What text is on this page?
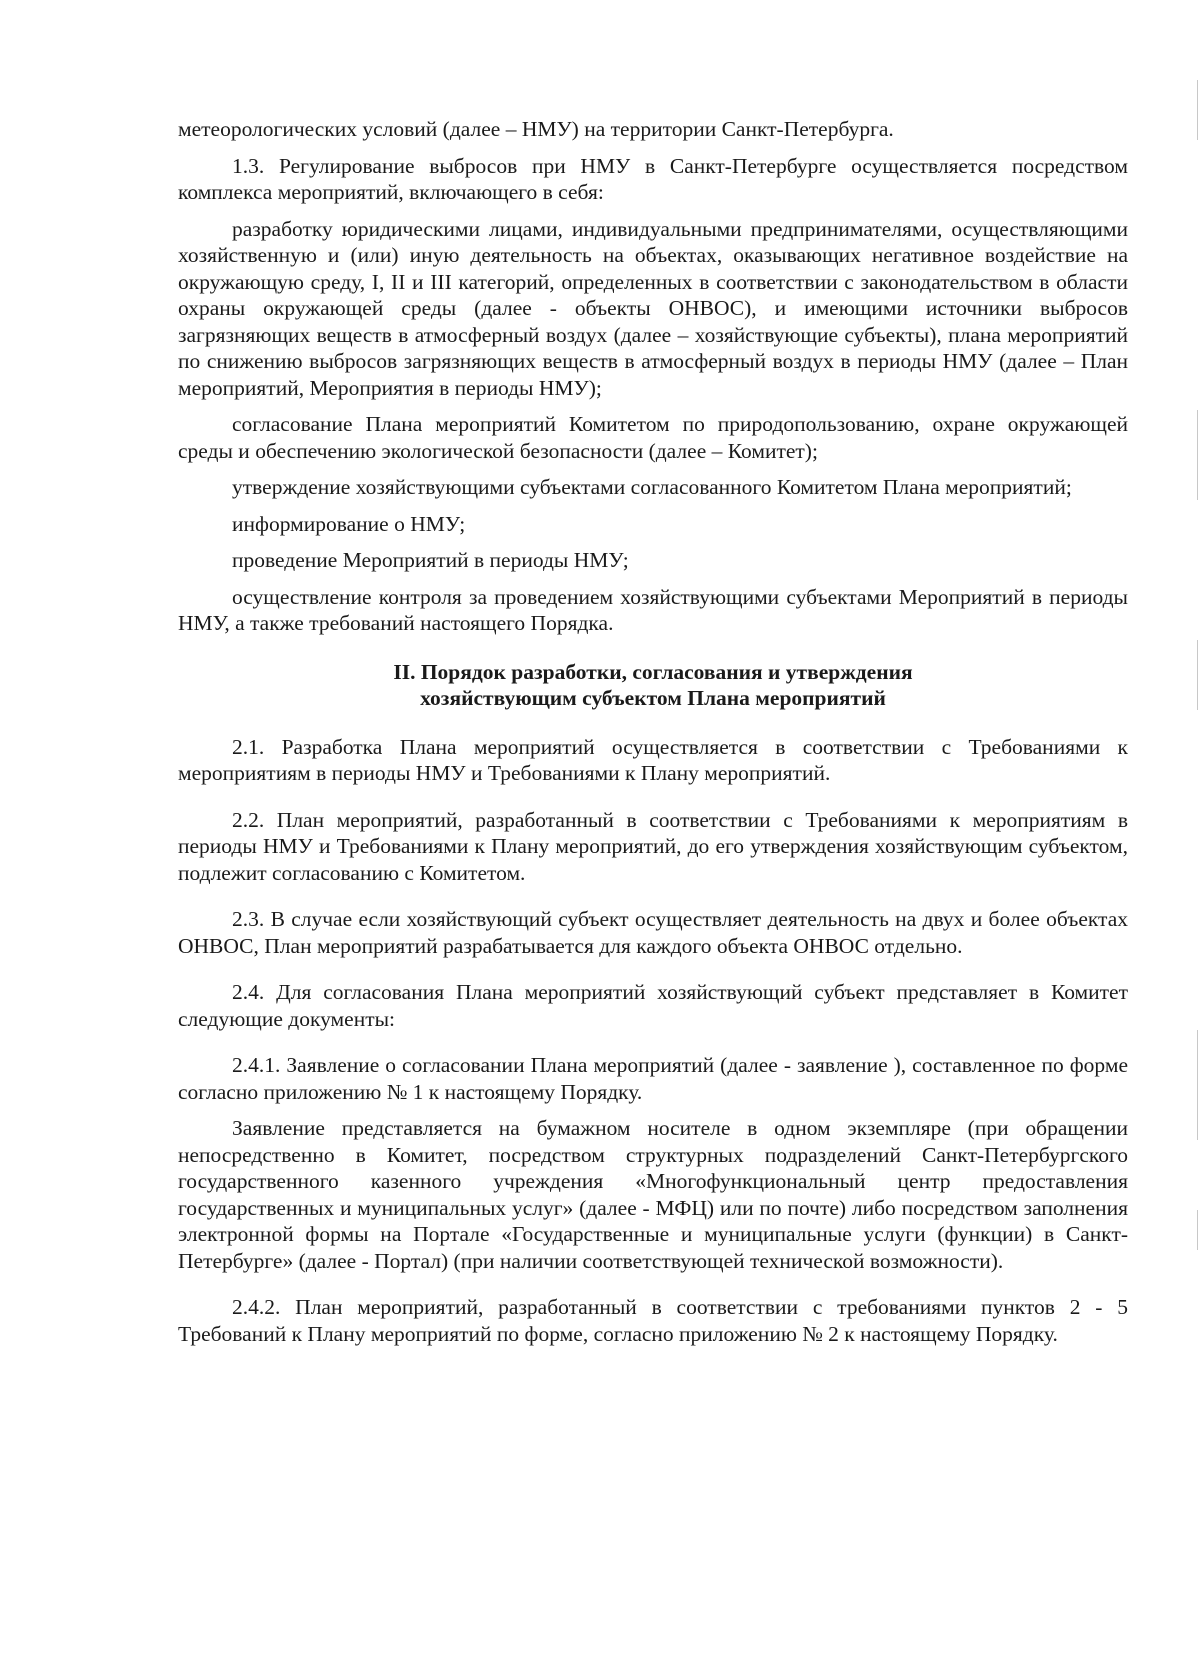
метеорологических условий (далее – НМУ) на территории Санкт-Петербурга.

1.3. Регулирование выбросов при НМУ в Санкт-Петербурге осуществляется посредством комплекса мероприятий, включающего в себя:

разработку юридическими лицами, индивидуальными предпринимателями, осуществляющими хозяйственную и (или) иную деятельность на объектах, оказывающих негативное воздействие на окружающую среду, I, II и III категорий, определенных в соответствии с законодательством в области охраны окружающей среды (далее - объекты ОНВОС), и имеющими источники выбросов загрязняющих веществ в атмосферный воздух (далее – хозяйствующие субъекты), плана мероприятий по снижению выбросов загрязняющих веществ в атмосферный воздух в периоды НМУ (далее – План мероприятий, Мероприятия в периоды НМУ);

согласование Плана мероприятий Комитетом по природопользованию, охране окружающей среды и обеспечению экологической безопасности (далее – Комитет);

утверждение хозяйствующими субъектами согласованного Комитетом Плана мероприятий;

информирование о НМУ;

проведение Мероприятий в периоды НМУ;

осуществление контроля за проведением хозяйствующими субъектами Мероприятий в периоды НМУ, а также требований настоящего Порядка.

II. Порядок разработки, согласования и утверждения
хозяйствующим субъектом Плана мероприятий

2.1. Разработка Плана мероприятий осуществляется в соответствии с Требованиями к мероприятиям в периоды НМУ и Требованиями к Плану мероприятий.

2.2. План мероприятий, разработанный в соответствии с Требованиями к мероприятиям в периоды НМУ и Требованиями к Плану мероприятий, до его утверждения хозяйствующим субъектом, подлежит согласованию с Комитетом.

2.3. В случае если хозяйствующий субъект осуществляет деятельность на двух и более объектах ОНВОС, План мероприятий разрабатывается для каждого объекта ОНВОС отдельно.

2.4. Для согласования Плана мероприятий хозяйствующий субъект представляет в Комитет следующие документы:

2.4.1. Заявление о согласовании Плана мероприятий (далее - заявление ), составленное по форме согласно приложению № 1 к настоящему Порядку.

Заявление представляется на бумажном носителе в одном экземпляре (при обращении непосредственно в Комитет, посредством структурных подразделений Санкт-Петербургского государственного казенного учреждения «Многофункциональный центр предоставления государственных и муниципальных услуг» (далее - МФЦ) или по почте) либо посредством заполнения электронной формы на Портале «Государственные и муниципальные услуги (функции) в Санкт-Петербурге» (далее - Портал) (при наличии соответствующей технической возможности).

2.4.2. План мероприятий, разработанный в соответствии с требованиями пунктов 2 - 5 Требований к Плану мероприятий по форме, согласно приложению № 2 к настоящему Порядку.
